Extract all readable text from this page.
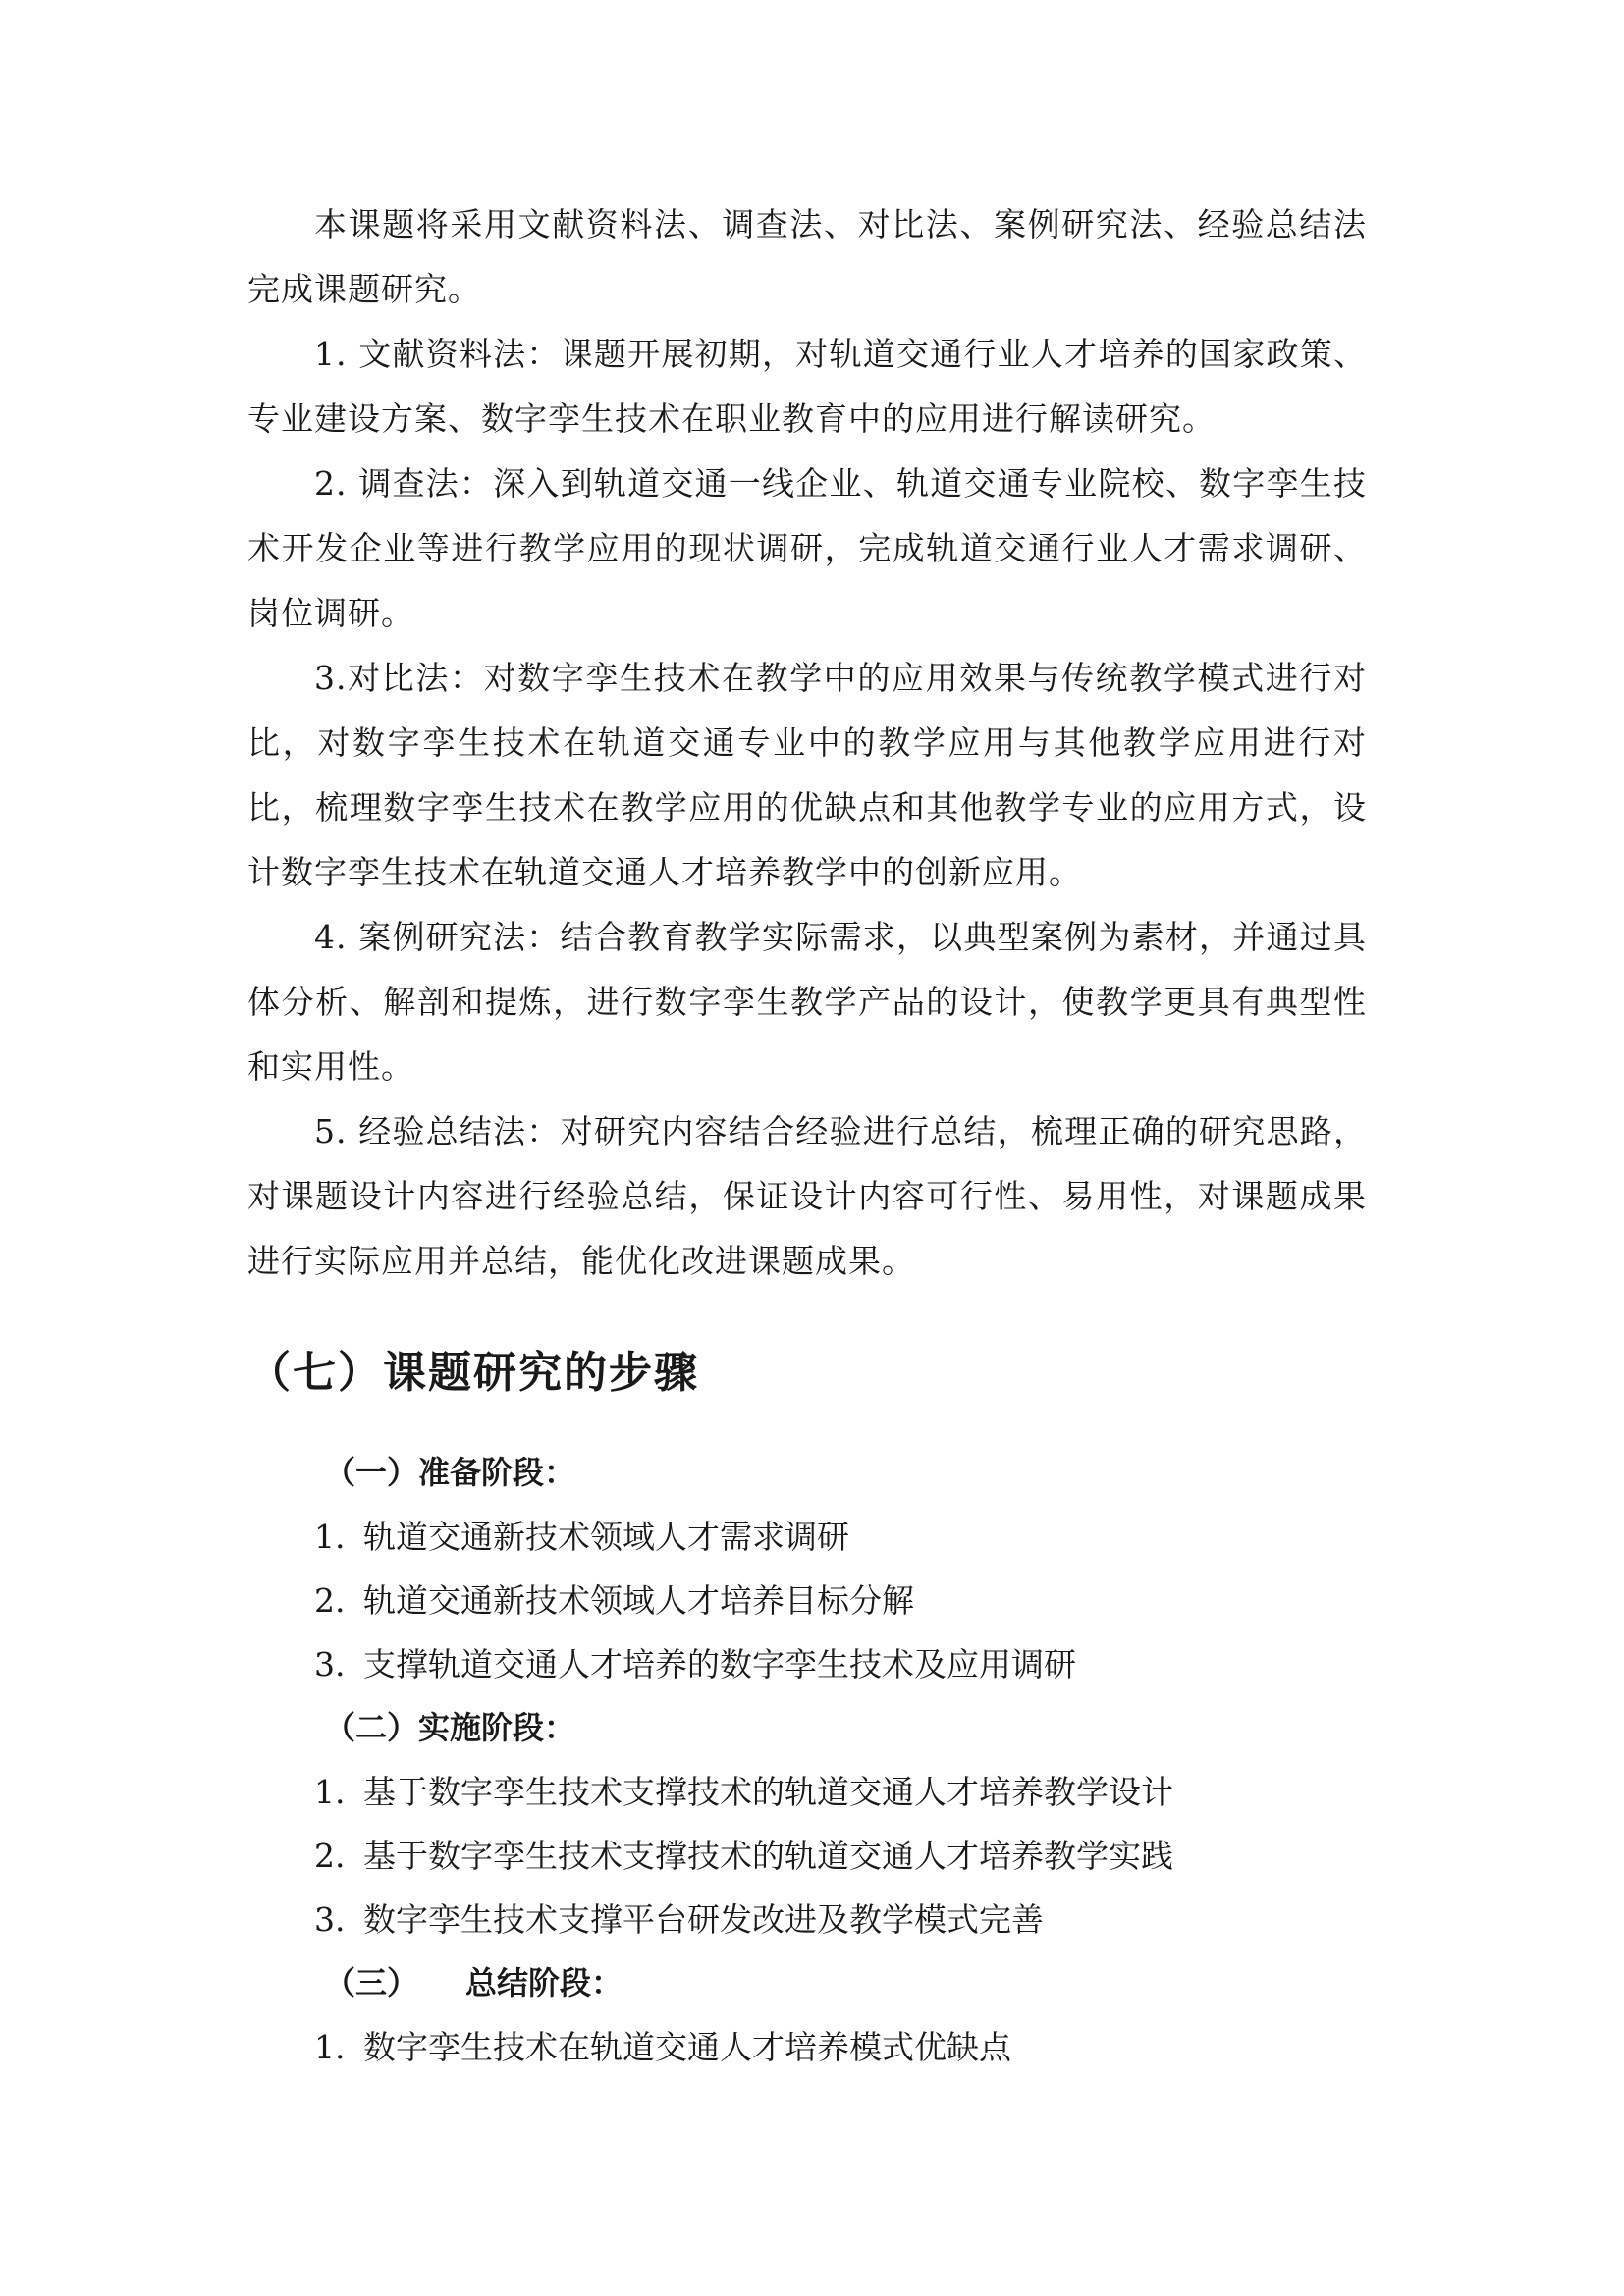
本课题将采用文献资料法、调查法、对比法、案例研究法、经验总结法完成课题研究。

1. 文献资料法：课题开展初期，对轨道交通行业人才培养的国家政策、专业建设方案、数字孪生技术在职业教育中的应用进行解读研究。

2. 调查法：深入到轨道交通一线企业、轨道交通专业院校、数字孪生技术开发企业等进行教学应用的现状调研，完成轨道交通行业人才需求调研、岗位调研。

3.对比法：对数字孪生技术在教学中的应用效果与传统教学模式进行对比，对数字孪生技术在轨道交通专业中的教学应用与其他教学应用进行对比，梳理数字孪生技术在教学应用的优缺点和其他教学专业的应用方式，设计数字孪生技术在轨道交通人才培养教学中的创新应用。

4. 案例研究法：结合教育教学实际需求，以典型案例为素材，并通过具体分析、解剖和提炼，进行数字孪生教学产品的设计，使教学更具有典型性和实用性。

5. 经验总结法：对研究内容结合经验进行总结，梳理正确的研究思路，对课题设计内容进行经验总结，保证设计内容可行性、易用性，对课题成果进行实际应用并总结，能优化改进课题成果。

（七）课题研究的步骤

（一）准备阶段：

1. 轨道交通新技术领域人才需求调研
2. 轨道交通新技术领域人才培养目标分解
3. 支撑轨道交通人才培养的数字孪生技术及应用调研

（二）实施阶段：

1. 基于数字孪生技术支撑技术的轨道交通人才培养教学设计
2. 基于数字孪生技术支撑技术的轨道交通人才培养教学实践
3. 数字孪生技术支撑平台研发改进及教学模式完善

（三） 总结阶段：

1. 数字孪生技术在轨道交通人才培养模式优缺点
